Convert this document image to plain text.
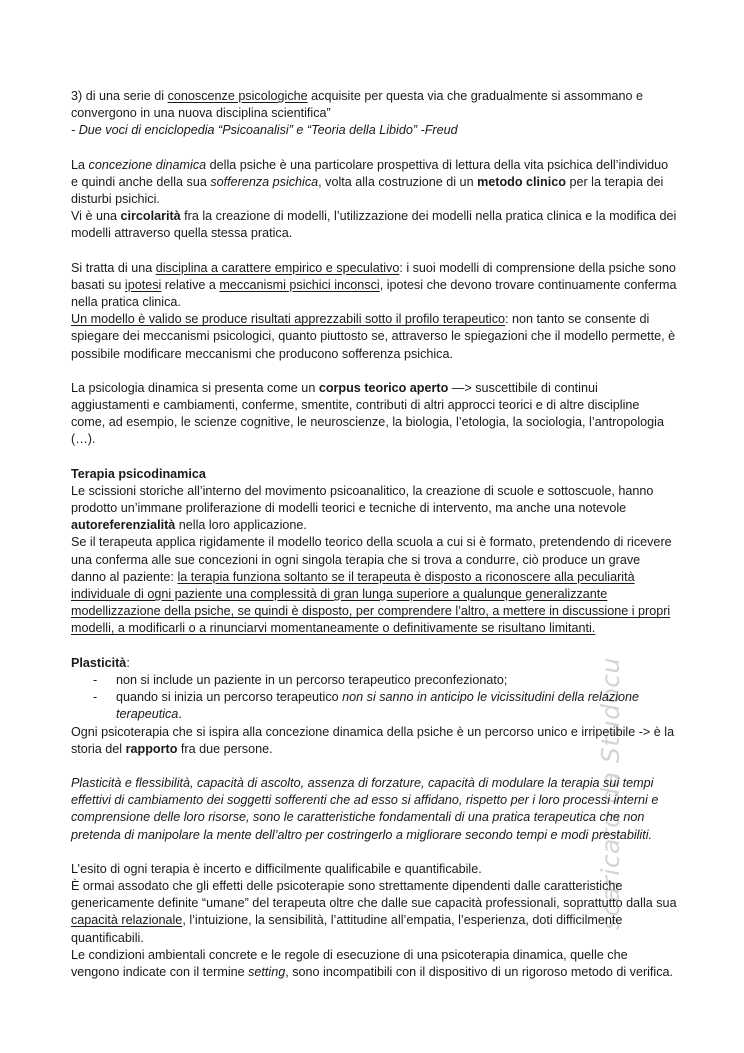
scaricato da Studocu

3) di una serie di conoscenze psicologiche acquisite per questa via che gradualmente si assommano e convergono in una nuova disciplina scientifica”

- Due voci di enciclopedia “Psicoanalisi” e “Teoria della Libido” -Freud

La concezione dinamica della psiche è una particolare prospettiva di lettura della vita psichica dell’individuo e quindi anche della sua sofferenza psichica, volta alla costruzione di un metodo clinico per la terapia dei disturbi psichici.

Vi è una circolarità fra la creazione di modelli, l’utilizzazione dei modelli nella pratica clinica e la modifica dei modelli attraverso quella stessa pratica.

Si tratta di una disciplina a carattere empirico e speculativo: i suoi modelli di comprensione della psiche sono basati su ipotesi relative a meccanismi psichici inconsci, ipotesi che devono trovare continuamente conferma nella pratica clinica.

Un modello è valido se produce risultati apprezzabili sotto il profilo terapeutico: non tanto se consente di spiegare dei meccanismi psicologici, quanto piuttosto se, attraverso le spiegazioni che il modello permette, è possibile modificare meccanismi che producono sofferenza psichica.

La psicologia dinamica si presenta come un corpus teorico aperto —> suscettibile di continui aggiustamenti e cambiamenti, conferme, smentite, contributi di altri approcci teorici e di altre discipline come, ad esempio, le scienze cognitive, le neuroscienze, la biologia, l’etologia, la sociologia, l’antropologia (…).

Terapia psicodinamica

Le scissioni storiche all’interno del movimento psicoanalitico, la creazione di scuole e sottoscuole, hanno prodotto un’immane proliferazione di modelli teorici e tecniche di intervento, ma anche una notevole autoreferenzialità nella loro applicazione.

Se il terapeuta applica rigidamente il modello teorico della scuola a cui si è formato, pretendendo di ricevere una conferma alle sue concezioni in ogni singola terapia che si trova a condurre, ciò produce un grave danno al paziente: la terapia funziona soltanto se il terapeuta è disposto a riconoscere alla peculiarità individuale di ogni paziente una complessità di gran lunga superiore a qualunque generalizzante modellizzazione della psiche, se quindi è disposto, per comprendere l’altro, a mettere in discussione i propri modelli, a modificarli o a rinunciarvi momentaneamente o definitivamente se risultano limitanti.

Plasticità:

- non si include un paziente in un percorso terapeutico preconfezionato;
- quando si inizia un percorso terapeutico non si sanno in anticipo le vicissitudini della relazione terapeutica.

Ogni psicoterapia che si ispira alla concezione dinamica della psiche è un percorso unico e irripetibile -> è la storia del rapporto fra due persone.

Plasticità e flessibilità, capacità di ascolto, assenza di forzature, capacità di modulare la terapia sui tempi effettivi di cambiamento dei soggetti sofferenti che ad esso si affidano, rispetto per i loro processi interni e comprensione delle loro risorse, sono le caratteristiche fondamentali di una pratica terapeutica che non pretenda di manipolare la mente dell’altro per costringerlo a migliorare secondo tempi e modi prestabiliti.

L’esito di ogni terapia è incerto e difficilmente qualificabile e quantificabile.

È ormai assodato che gli effetti delle psicoterapie sono strettamente dipendenti dalle caratteristiche genericamente definite “umane” del terapeuta oltre che dalle sue capacità professionali, soprattutto dalla sua capacità relazionale, l’intuizione, la sensibilità, l’attitudine all’empatia, l’esperienza, doti difficilmente quantificabili.

Le condizioni ambientali concrete e le regole di esecuzione di una psicoterapia dinamica, quelle che vengono indicate con il termine setting, sono incompatibili con il dispositivo di un rigoroso metodo di verifica.
